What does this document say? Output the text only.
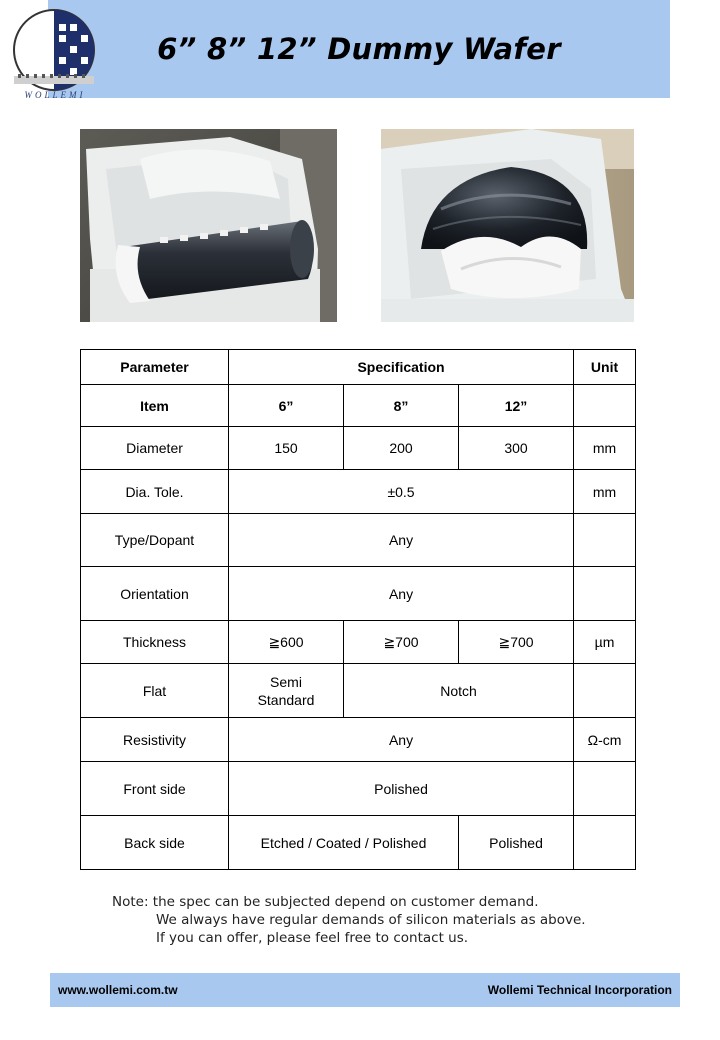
6” 8” 12” Dummy Wafer
WOLLEMI
Parameter	Specification			Unit
Item	6”	8”	12”	
Diameter	150	200	300	mm
Dia. Tole.	±0.5			mm
Type/Dopant	Any			
Orientation	Any			
Thickness	≧600	≧700	≧700	µm
Flat	Semi Standard	Notch		
Resistivity	Any			Ω-cm
Front side	Polished			
Back side	Etched / Coated / Polished		Polished	
Note: the spec can be subjected depend on customer demand.
We always have regular demands of silicon materials as above.
If you can offer, please feel free to contact us.
www.wollemi.com.tw	Wollemi Technical Incorporation
